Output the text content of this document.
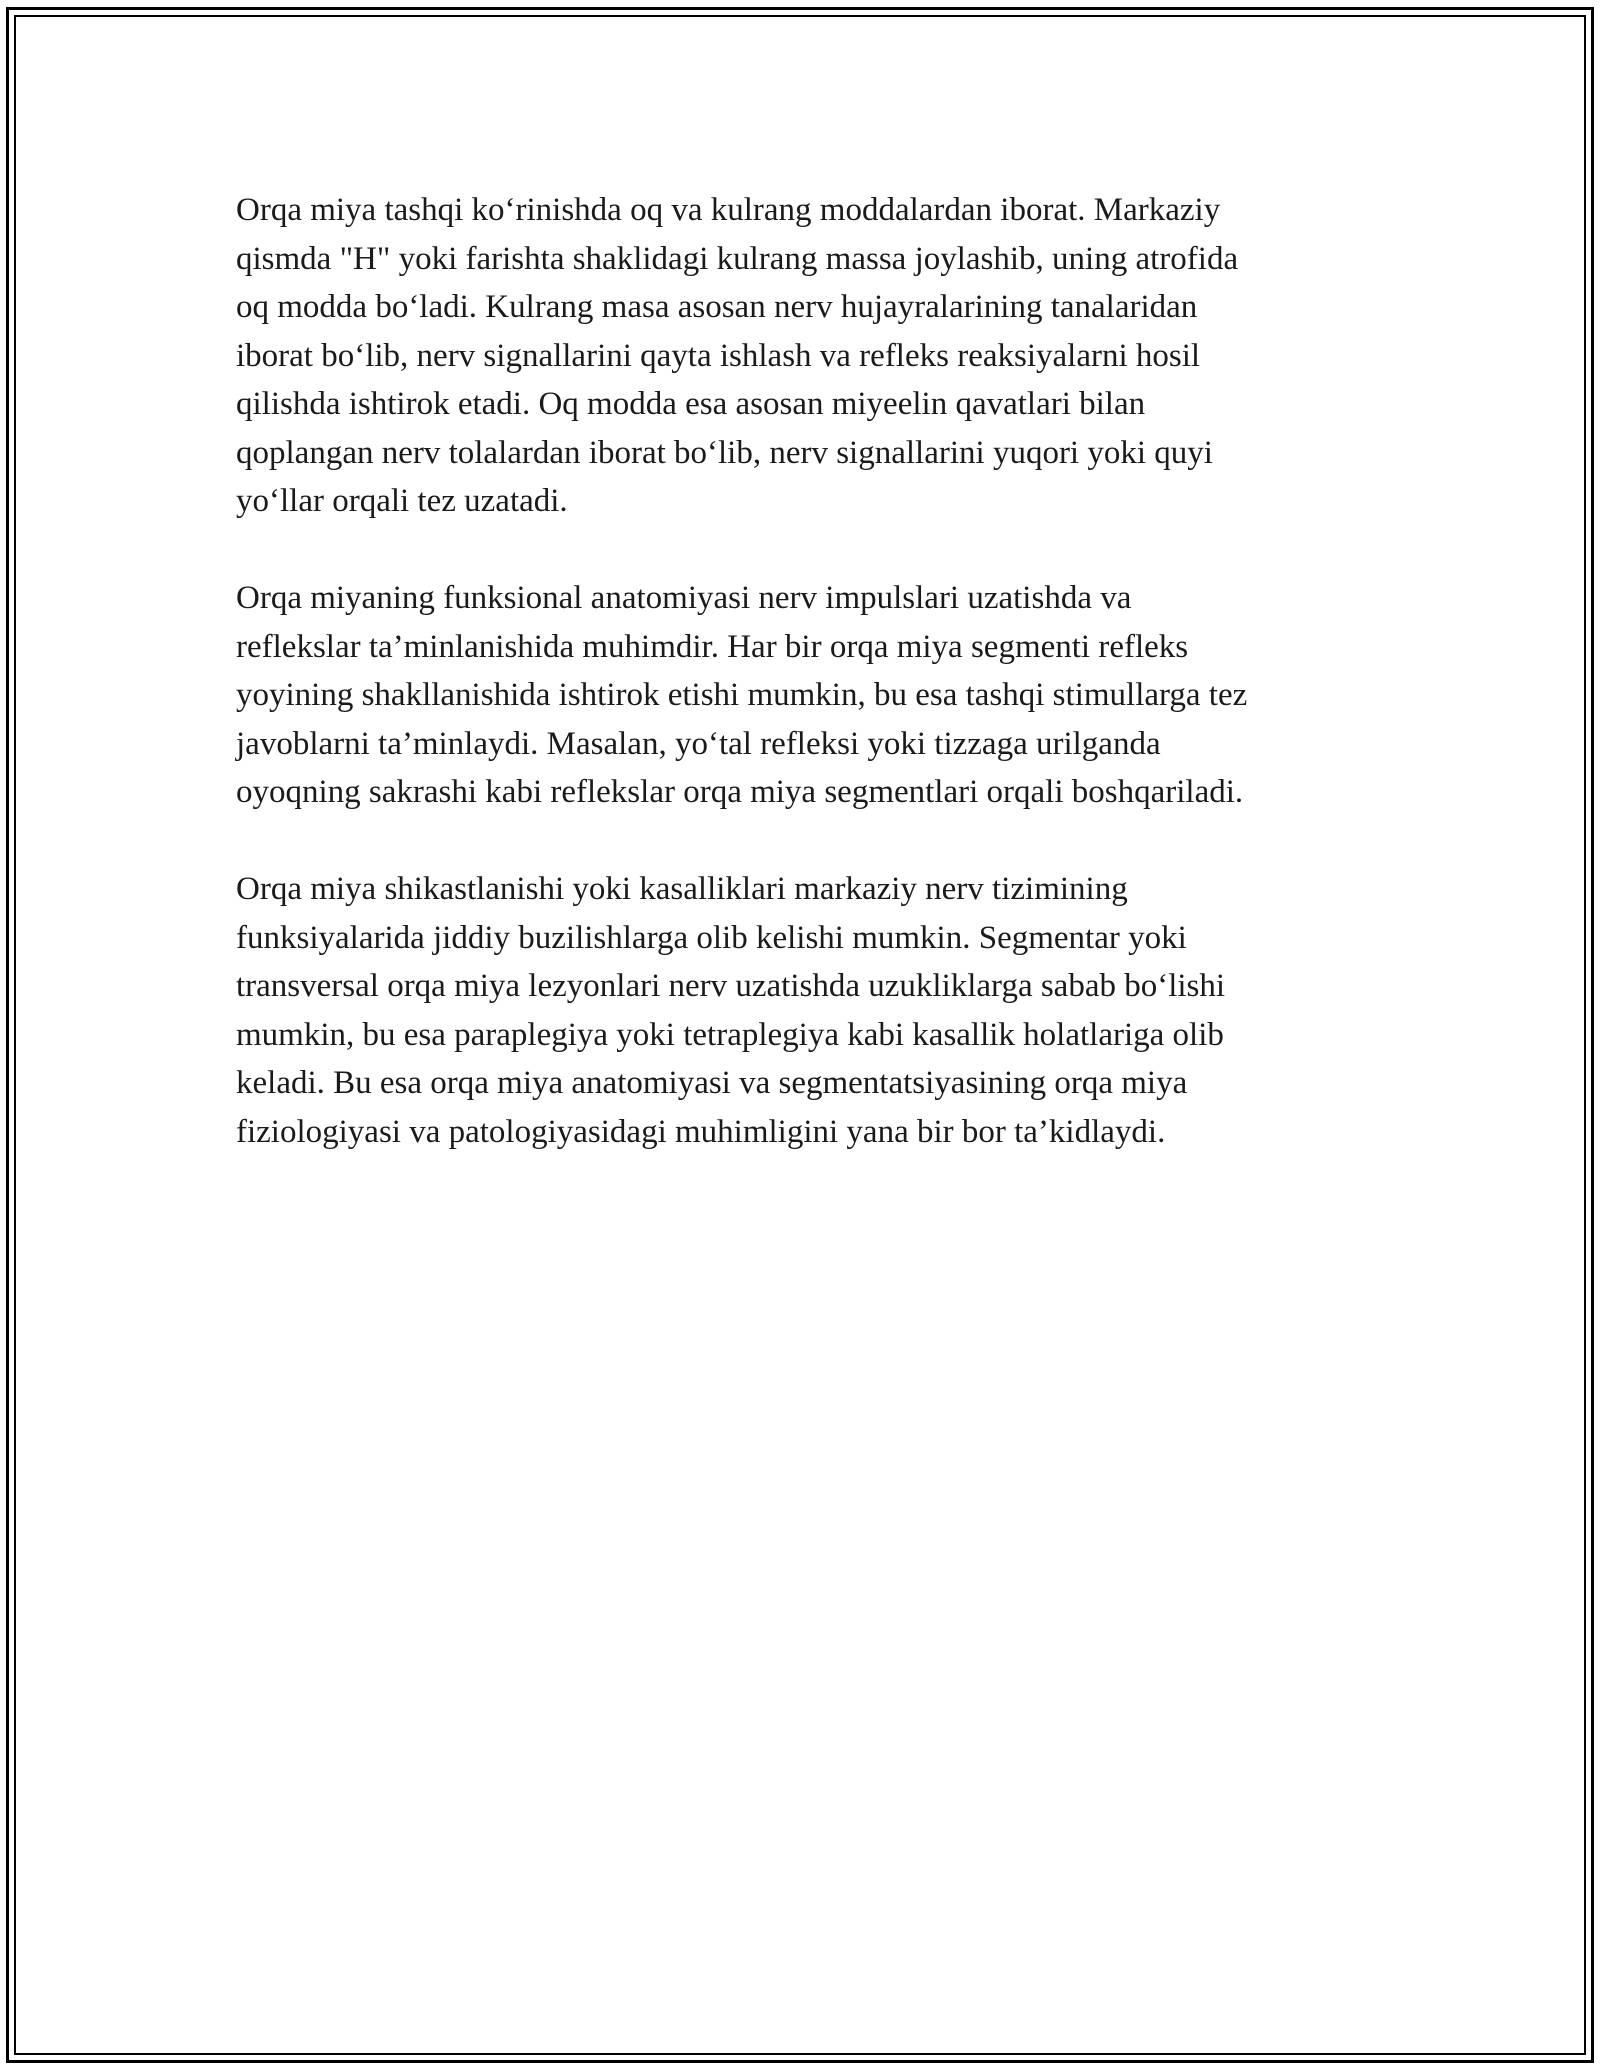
Orqa miya tashqi ko‘rinishda oq va kulrang moddalardan iborat. Markaziy
qismda "H" yoki farishta shaklidagi kulrang massa joylashib, uning atrofida
oq modda bo‘ladi. Kulrang masa asosan nerv hujayralarining tanalaridan
iborat bo‘lib, nerv signallarini qayta ishlash va refleks reaksiyalarni hosil
qilishda ishtirok etadi. Oq modda esa asosan miyeelin qavatlari bilan
qoplangan nerv tolalardan iborat bo‘lib, nerv signallarini yuqori yoki quyi
yo‘llar orqali tez uzatadi.

Orqa miyaning funksional anatomiyasi nerv impulslari uzatishda va
reflekslar ta’minlanishida muhimdir. Har bir orqa miya segmenti refleks
yoyining shakllanishida ishtirok etishi mumkin, bu esa tashqi stimullarga tez
javoblarni ta’minlaydi. Masalan, yo‘tal refleksi yoki tizzaga urilganda
oyoqning sakrashi kabi reflekslar orqa miya segmentlari orqali boshqariladi.

Orqa miya shikastlanishi yoki kasalliklari markaziy nerv tizimining
funksiyalarida jiddiy buzilishlarga olib kelishi mumkin. Segmentar yoki
transversal orqa miya lezyonlari nerv uzatishda uzukliklarga sabab bo‘lishi
mumkin, bu esa paraplegiya yoki tetraplegiya kabi kasallik holatlariga olib
keladi. Bu esa orqa miya anatomiyasi va segmentatsiyasining orqa miya
fiziologiyasi va patologiyasidagi muhimligini yana bir bor ta’kidlaydi.
